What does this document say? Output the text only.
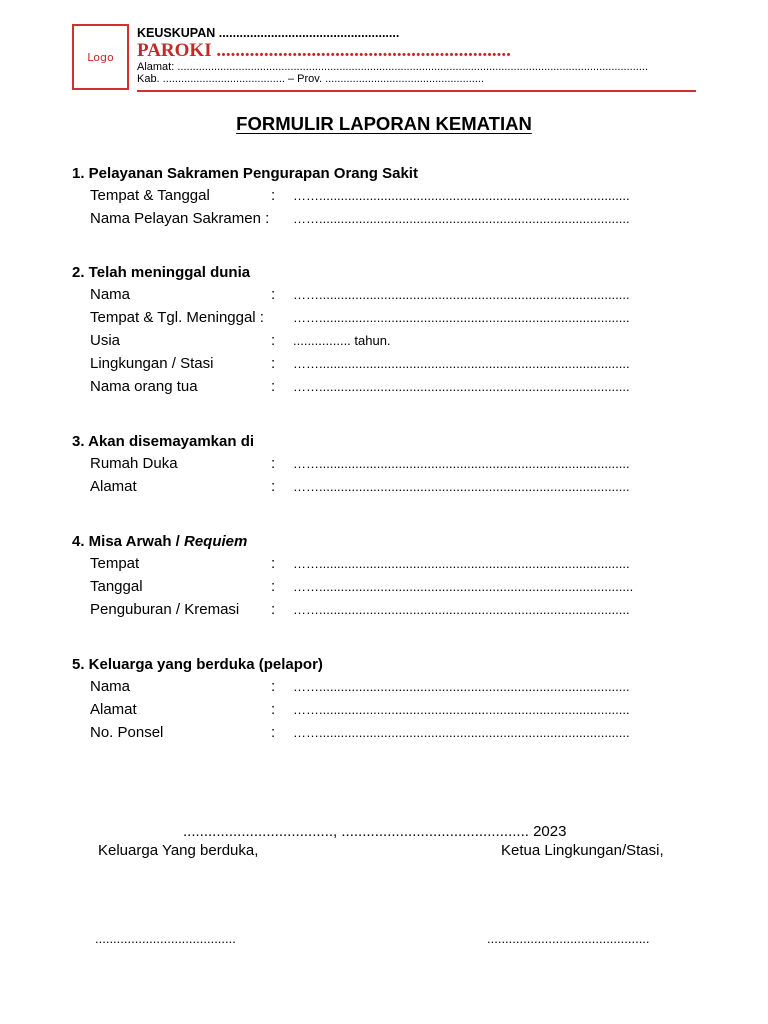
Logo
KEUSKUPAN ....................................................
PAROKI ..............................................................
Alamat: ..........................................................................................................................................................
Kab. ........................................ – Prov. ....................................................
FORMULIR LAPORAN KEMATIAN
1. Pelayanan Sakramen Pengurapan Orang Sakit
Tempat & Tanggal	:	……......................................................................................
Nama Pelayan Sakramen :	……......................................................................................
2. Telah meninggal dunia
Nama	:	……......................................................................................
Tempat & Tgl. Meninggal :	……......................................................................................
Usia	:	................ tahun.
Lingkungan / Stasi	:	……......................................................................................
Nama orang tua	:	……......................................................................................
3. Akan disemayamkan di
Rumah Duka	:	……......................................................................................
Alamat	:	……......................................................................................
4. Misa Arwah / Requiem
Tempat	:	……......................................................................................
Tanggal	:	…….......................................................................................
Penguburan / Kremasi	:	……......................................................................................
5. Keluarga yang berduka (pelapor)
Nama	:	……......................................................................................
Alamat	:	……......................................................................................
No. Ponsel	:	……......................................................................................
...................................., ............................................. 2023
Keluarga Yang berduka,	Ketua Lingkungan/Stasi,
.......................................	.............................................
